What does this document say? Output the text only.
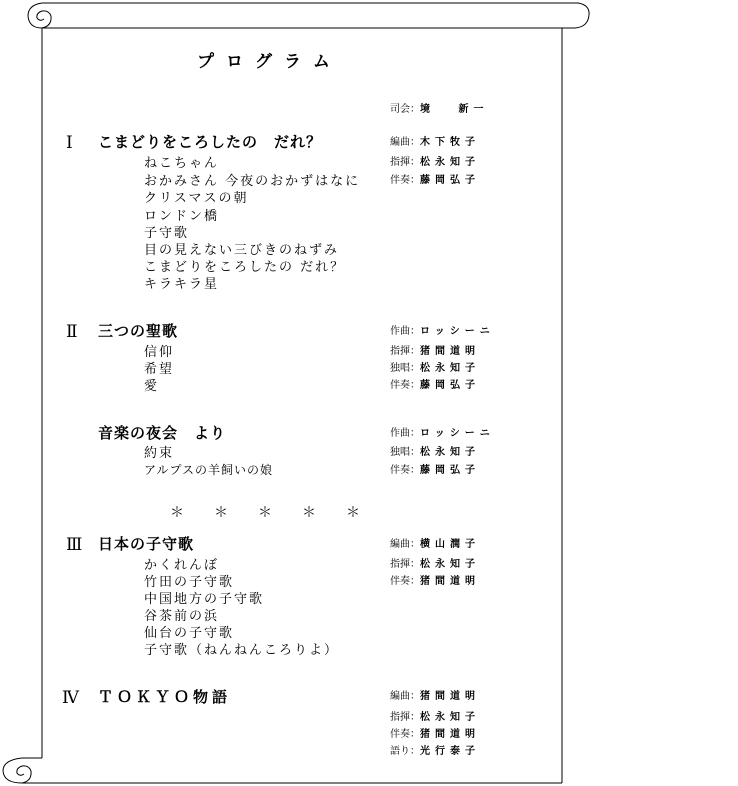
プログラム
司会：境　 新一
Ⅰ こまどりをころしたの　だれ？	編曲：木下牧子
指揮：松永知子
伴奏：藤岡弘子
ねこちゃん
おかみさん 今夜のおかずはなに
クリスマスの朝
ロンドン橋
子守歌
目の見えない三びきのねずみ
こまどりをころしたの だれ？
キラキラ星
Ⅱ 三つの聖歌	作曲：ロッシーニ
指揮：猪間道明
独唱：松永知子
伴奏：藤岡弘子
信仰
希望
愛
音楽の夜会　より	作曲：ロッシーニ
独唱：松永知子
伴奏：藤岡弘子
約束
アルプスの羊飼いの娘
＊＊＊＊＊
Ⅲ 日本の子守歌	編曲：横山潤子
指揮：松永知子
伴奏：猪間道明
かくれんぼ
竹田の子守歌
中国地方の子守歌
谷茶前の浜
仙台の子守歌
子守歌（ねんねんころりよ）
Ⅳ ＴＯＫＹＯ物語	編曲：猪間道明
指揮：松永知子
伴奏：猪間道明
語り：光行泰子
